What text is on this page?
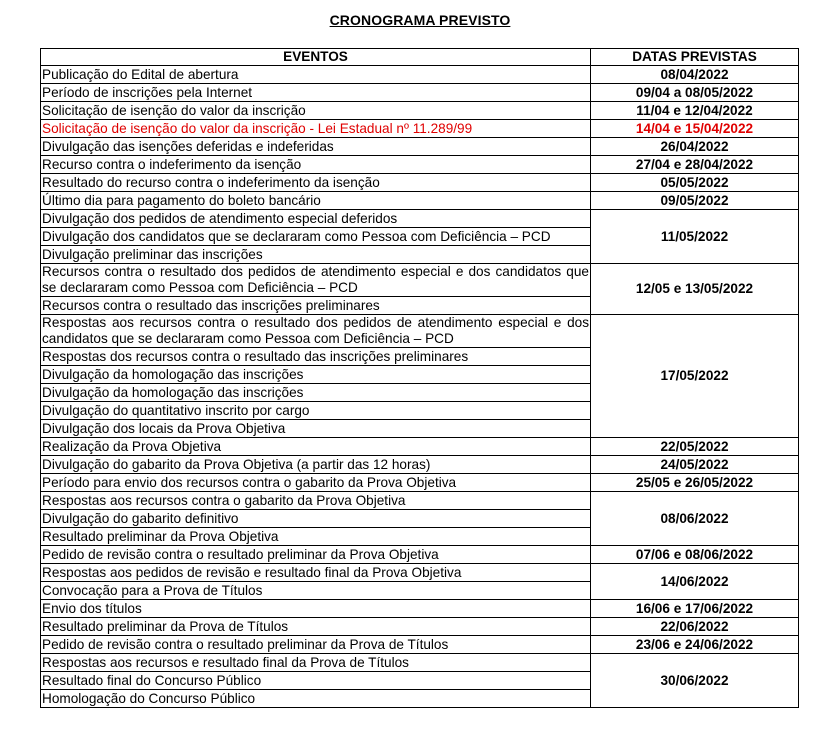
CRONOGRAMA PREVISTO
EVENTOS	DATAS PREVISTAS
Publicação do Edital de abertura	08/04/2022
Período de inscrições pela Internet	09/04 a 08/05/2022
Solicitação de isenção do valor da inscrição	11/04 e 12/04/2022
Solicitação de isenção do valor da inscrição - Lei Estadual nº 11.289/99	14/04 e 15/04/2022
Divulgação das isenções deferidas e indeferidas	26/04/2022
Recurso contra o indeferimento da isenção	27/04 e 28/04/2022
Resultado do recurso contra o indeferimento da isenção	05/05/2022
Último dia para pagamento do boleto bancário	09/05/2022
Divulgação dos pedidos de atendimento especial deferidos	11/05/2022
Divulgação dos candidatos que se declararam como Pessoa com Deficiência – PCD	
Divulgação preliminar das inscrições	
Recursos contra o resultado dos pedidos de atendimento especial e dos candidatos que se declararam como Pessoa com Deficiência – PCD	12/05 e 13/05/2022
Recursos contra o resultado das inscrições preliminares	
Respostas aos recursos contra o resultado dos pedidos de atendimento especial e dos candidatos que se declararam como Pessoa com Deficiência – PCD	17/05/2022
Respostas dos recursos contra o resultado das inscrições preliminares	
Divulgação da homologação das inscrições	
Divulgação da homologação das inscrições	
Divulgação do quantitativo inscrito por cargo	
Divulgação dos locais da Prova Objetiva	
Realização da Prova Objetiva	22/05/2022
Divulgação do gabarito da Prova Objetiva (a partir das 12 horas)	24/05/2022
Período para envio dos recursos contra o gabarito da Prova Objetiva	25/05 e 26/05/2022
Respostas aos recursos contra o gabarito da Prova Objetiva	08/06/2022
Divulgação do gabarito definitivo	
Resultado preliminar da Prova Objetiva	
Pedido de revisão contra o resultado preliminar da Prova Objetiva	07/06 e 08/06/2022
Respostas aos pedidos de revisão e resultado final da Prova Objetiva	14/06/2022
Convocação para a Prova de Títulos	
Envio dos títulos	16/06 e 17/06/2022
Resultado preliminar da Prova de Títulos	22/06/2022
Pedido de revisão contra o resultado preliminar da Prova de Títulos	23/06 e 24/06/2022
Respostas aos recursos e resultado final da Prova de Títulos	30/06/2022
Resultado final do Concurso Público	
Homologação do Concurso Público	
